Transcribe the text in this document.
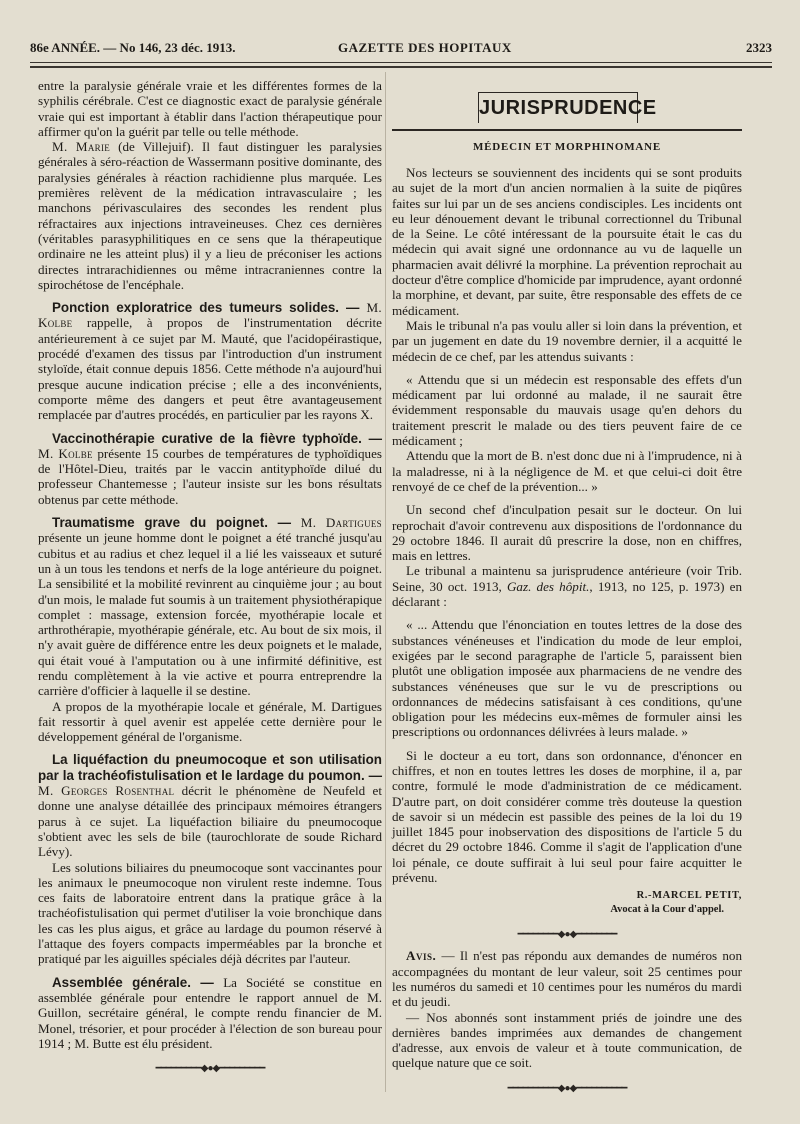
86e ANNÉE. — No 146, 23 déc. 1913.	GAZETTE DES HOPITAUX	2323

entre la paralysie générale vraie et les différentes formes de la syphilis cérébrale. C'est ce diagnostic exact de paralysie générale vraie qui est important à établir dans l'action thérapeutique pour affirmer qu'on la guérit par telle ou telle méthode.

M. Marie (de Villejuif). Il faut distinguer les paralysies générales à séro-réaction de Wassermann positive dominante, des paralysies générales à réaction rachidienne plus marquée. Les premières relèvent de la médication intravasculaire ; les manchons périvasculaires des secondes les rendent plus réfractaires aux injections intraveineuses. Chez ces dernières (véritables parasyphilitiques en ce sens que la thérapeutique ordinaire ne les atteint plus) il y a lieu de préconiser les actions directes intrarachidiennes ou même intracraniennes contre la spirochétose de l'encéphale.

Ponction exploratrice des tumeurs solides. — M. Kolbe rappelle, à propos de l'instrumentation décrite antérieurement à ce sujet par M. Mauté, que l'acidopéirastique, procédé d'examen des tissus par l'introduction d'un instrument styloïde, était connue depuis 1856. Cette méthode n'a aujourd'hui presque aucune indication précise ; elle a des inconvénients, comporte même des dangers et peut être avantageusement remplacée par d'autres procédés, en particulier par les rayons X.

Vaccinothérapie curative de la fièvre typhoïde. — M. Kolbe présente 15 courbes de températures de typhoïdiques de l'Hôtel-Dieu, traités par le vaccin antityphoïde dilué du professeur Chantemesse ; l'auteur insiste sur les bons résultats obtenus par cette méthode.

Traumatisme grave du poignet. — M. Dartigues présente un jeune homme dont le poignet a été tranché jusqu'au cubitus et au radius et chez lequel il a lié les vaisseaux et suturé un à un tous les tendons et nerfs de la loge antérieure du poignet. La sensibilité et la mobilité revinrent au cinquième jour ; au bout d'un mois, le malade fut soumis à un traitement physiothérapique complet : massage, extension forcée, myothérapie locale et arthrothérapie, myothérapie générale, etc. Au bout de six mois, il n'y avait guère de différence entre les deux poignets et le malade, qui était voué à l'amputation ou à une infirmité définitive, est rendu complètement à la vie active et pourra entreprendre la carrière d'officier à laquelle il se destine.

A propos de la myothérapie locale et générale, M. Dartigues fait ressortir à quel avenir est appelée cette dernière pour le développement général de l'organisme.

La liquéfaction du pneumocoque et son utilisation par la trachéofistulisation et le lardage du poumon. — M. Georges Rosenthal décrit le phénomène de Neufeld et donne une analyse détaillée des principaux mémoires étrangers parus à ce sujet. La liquéfaction biliaire du pneumocoque s'obtient avec les sels de bile (taurochlorate de soude Richard Lévy).

Les solutions biliaires du pneumocoque sont vaccinantes pour les animaux le pneumocoque non virulent reste indemne. Tous ces faits de laboratoire entrent dans la pratique grâce à la trachéofistulisation qui permet d'utiliser la voie bronchique dans les cas les plus aigus, et grâce au lardage du poumon réservé à l'attaque des foyers compacts imperméables par la bronche et pratiqué par les aiguilles spéciales déjà décrites par l'auteur.

Assemblée générale. — La Société se constitue en assemblée générale pour entendre le rapport annuel de M. Guillon, secrétaire général, le compte rendu financier de M. Monel, trésorier, et pour procéder à l'élection de son bureau pour 1914 ; M. Butte est élu président.

━━━━━━━━━◆●◆━━━━━━━━━
JURISPRUDENCE
MÉDECIN ET MORPHINOMANE

Nos lecteurs se souviennent des incidents qui se sont produits au sujet de la mort d'un ancien normalien à la suite de piqûres faites sur lui par un de ses anciens condisciples. Les incidents ont eu leur dénouement devant le tribunal correctionnel du Tribunal de la Seine. Le côté intéressant de la poursuite était le cas du médecin qui avait signé une ordonnance au vu de laquelle un pharmacien avait délivré la morphine. La prévention reprochait au docteur d'être complice d'homicide par imprudence, ayant ordonné la morphine, et devant, par suite, être responsable des effets de ce médicament.

Mais le tribunal n'a pas voulu aller si loin dans la prévention, et par un jugement en date du 19 novembre dernier, il a acquitté le médecin de ce chef, par les attendus suivants :

« Attendu que si un médecin est responsable des effets d'un médicament par lui ordonné au malade, il ne saurait être évidemment responsable du mauvais usage qu'en dehors du traitement prescrit le malade ou des tiers peuvent faire de ce médicament ;

Attendu que la mort de B. n'est donc due ni à l'imprudence, ni à la maladresse, ni à la négligence de M. et que celui-ci doit être renvoyé de ce chef de la prévention... »

Un second chef d'inculpation pesait sur le docteur. On lui reprochait d'avoir contrevenu aux dispositions de l'ordonnance du 29 octobre 1846. Il aurait dû prescrire la dose, non en chiffres, mais en lettres.

Le tribunal a maintenu sa jurisprudence antérieure (voir Trib. Seine, 30 oct. 1913, Gaz. des hôpit., 1913, no 125, p. 1973) en déclarant :

« ... Attendu que l'énonciation en toutes lettres de la dose des substances vénéneuses et l'indication du mode de leur emploi, exigées par le second paragraphe de l'article 5, paraissent bien plutôt une obligation imposée aux pharmaciens de ne vendre des substances vénéneuses que sur le vu de prescriptions ou ordonnances de médecins satisfaisant à ces conditions, qu'une obligation pour les médecins eux-mêmes de formuler ainsi les prescriptions ou ordonnances délivrées à leurs malade. »

Si le docteur a eu tort, dans son ordonnance, d'énoncer en chiffres, et non en toutes lettres les doses de morphine, il a, par contre, formulé le mode d'administration de ce médicament. D'autre part, on doit considérer comme très douteuse la question de savoir si un médecin est passible des peines de la loi du 19 juillet 1845 pour inobservation des dispositions de l'article 5 du décret du 29 octobre 1846. Comme il s'agit de l'application d'une loi pénale, ce doute suffirait à lui seul pour faire acquitter le prévenu.

R.-MARCEL PETIT,
Avocat à la Cour d'appel.
━━━━━━━━◆●◆━━━━━━━━

Avis. — Il n'est pas répondu aux demandes de numéros non accompagnées du montant de leur valeur, soit 25 centimes pour les numéros du samedi et 10 centimes pour les numéros du mardi et du jeudi.

— Nos abonnés sont instamment priés de joindre une des dernières bandes imprimées aux demandes de changement d'adresse, aux envois de valeur et à toute communication, de quelque nature que ce soit.

━━━━━━━━━━◆●◆━━━━━━━━━━
